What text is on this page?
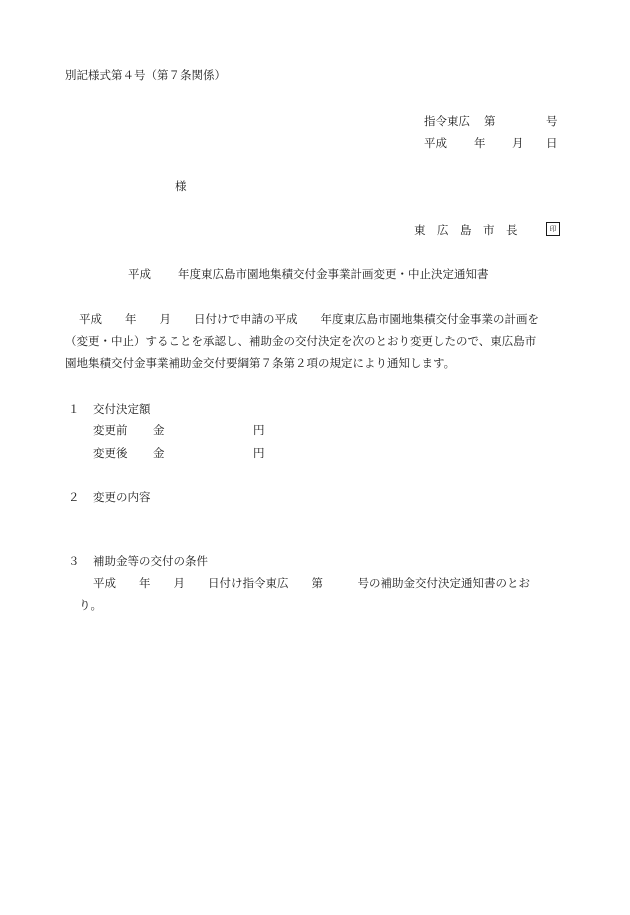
別記様式第４号（第７条関係）
指令東広 第	号
平成 年 月 日
様
東　広　島　市　長	印
平成 年度東広島市園地集積交付金事業計画変更・中止決定通知書
平成　　年　　月　　日付けで申請の平成　　年度東広島市園地集積交付金事業の計画を
（変更・中止）することを承認し、補助金の交付決定を次のとおり変更したので、東広島市
園地集積交付金事業補助金交付要綱第７条第２項の規定により通知します。
１ 交付決定額
変更前 金	円
変更後 金	円
２ 変更の内容
３ 補助金等の交付の条件
平成　　年　　月　　日付け指令東広　　第　　　号の補助金交付決定通知書のとお
り。
